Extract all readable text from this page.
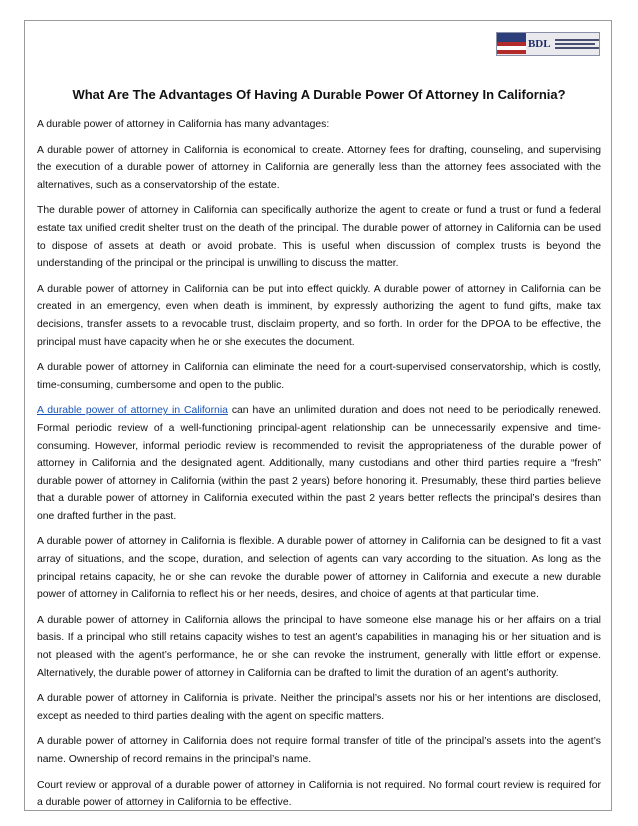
BDL
What Are The Advantages Of Having A Durable Power Of Attorney In California?

A durable power of attorney in California has many advantages:

A durable power of attorney in California is economical to create. Attorney fees for drafting, counseling, and supervising the execution of a durable power of attorney in California are generally less than the attorney fees associated with the alternatives, such as a conservatorship of the estate.

The durable power of attorney in California can specifically authorize the agent to create or fund a trust or fund a federal estate tax unified credit shelter trust on the death of the principal. The durable power of attorney in California can be used to dispose of assets at death or avoid probate. This is useful when discussion of complex trusts is beyond the understanding of the principal or the principal is unwilling to discuss the matter.

A durable power of attorney in California can be put into effect quickly. A durable power of attorney in California can be created in an emergency, even when death is imminent, by expressly authorizing the agent to fund gifts, make tax decisions, transfer assets to a revocable trust, disclaim property, and so forth. In order for the DPOA to be effective, the principal must have capacity when he or she executes the document.

A durable power of attorney in California can eliminate the need for a court-supervised conservatorship, which is costly, time-consuming, cumbersome and open to the public.

A durable power of attorney in California can have an unlimited duration and does not need to be periodically renewed. Formal periodic review of a well-functioning principal-agent relationship can be unnecessarily expensive and time-consuming. However, informal periodic review is recommended to revisit the appropriateness of the durable power of attorney in California and the designated agent. Additionally, many custodians and other third parties require a “fresh” durable power of attorney in California (within the past 2 years) before honoring it. Presumably, these third parties believe that a durable power of attorney in California executed within the past 2 years better reflects the principal’s desires than one drafted further in the past.

A durable power of attorney in California is flexible. A durable power of attorney in California can be designed to fit a vast array of situations, and the scope, duration, and selection of agents can vary according to the situation. As long as the principal retains capacity, he or she can revoke the durable power of attorney in California and execute a new durable power of attorney in California to reflect his or her needs, desires, and choice of agents at that particular time.

A durable power of attorney in California allows the principal to have someone else manage his or her affairs on a trial basis. If a principal who still retains capacity wishes to test an agent’s capabilities in managing his or her situation and is not pleased with the agent’s performance, he or she can revoke the instrument, generally with little effort or expense. Alternatively, the durable power of attorney in California can be drafted to limit the duration of an agent’s authority.

A durable power of attorney in California is private. Neither the principal’s assets nor his or her intentions are disclosed, except as needed to third parties dealing with the agent on specific matters.

A durable power of attorney in California does not require formal transfer of title of the principal’s assets into the agent’s name. Ownership of record remains in the principal’s name.

Court review or approval of a durable power of attorney in California is not required. No formal court review is required for a durable power of attorney in California to be effective.
